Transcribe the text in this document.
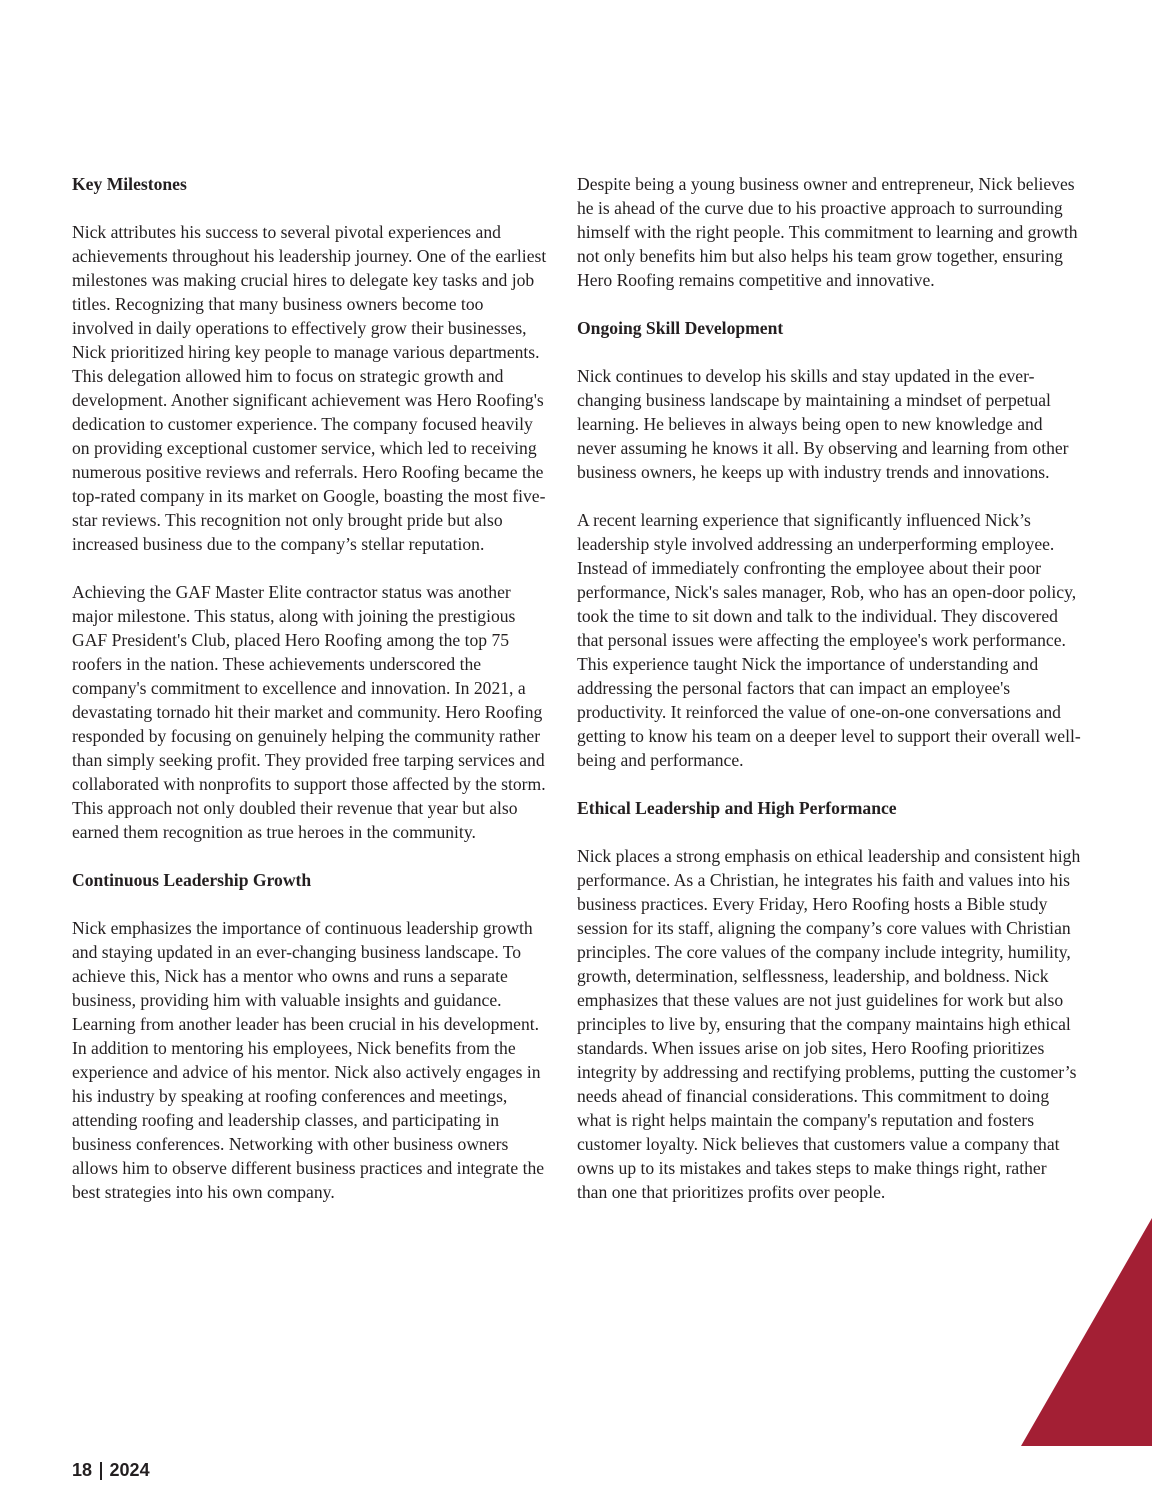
Key Milestones

Nick attributes his success to several pivotal experiences and achievements throughout his leadership journey. One of the earliest milestones was making crucial hires to delegate key tasks and job titles. Recognizing that many business owners become too involved in daily operations to effectively grow their businesses, Nick prioritized hiring key people to manage various departments. This delegation allowed him to focus on strategic growth and development. Another significant achievement was Hero Roofing's dedication to customer experience. The company focused heavily on providing exceptional customer service, which led to receiving numerous positive reviews and referrals. Hero Roofing became the top-rated company in its market on Google, boasting the most five-star reviews. This recognition not only brought pride but also increased business due to the company’s stellar reputation.

Achieving the GAF Master Elite contractor status was another major milestone. This status, along with joining the prestigious GAF President's Club, placed Hero Roofing among the top 75 roofers in the nation. These achievements underscored the company's commitment to excellence and innovation. In 2021, a devastating tornado hit their market and community. Hero Roofing responded by focusing on genuinely helping the community rather than simply seeking profit. They provided free tarping services and collaborated with nonprofits to support those affected by the storm. This approach not only doubled their revenue that year but also earned them recognition as true heroes in the community.

Continuous Leadership Growth

Nick emphasizes the importance of continuous leadership growth and staying updated in an ever-changing business landscape. To achieve this, Nick has a mentor who owns and runs a separate business, providing him with valuable insights and guidance. Learning from another leader has been crucial in his development. In addition to mentoring his employees, Nick benefits from the experience and advice of his mentor. Nick also actively engages in his industry by speaking at roofing conferences and meetings, attending roofing and leadership classes, and participating in business conferences. Networking with other business owners allows him to observe different business practices and integrate the best strategies into his own company.

Despite being a young business owner and entrepreneur, Nick believes he is ahead of the curve due to his proactive approach to surrounding himself with the right people. This commitment to learning and growth not only benefits him but also helps his team grow together, ensuring Hero Roofing remains competitive and innovative.

Ongoing Skill Development

Nick continues to develop his skills and stay updated in the ever-changing business landscape by maintaining a mindset of perpetual learning. He believes in always being open to new knowledge and never assuming he knows it all. By observing and learning from other business owners, he keeps up with industry trends and innovations.

A recent learning experience that significantly influenced Nick’s leadership style involved addressing an underperforming employee. Instead of immediately confronting the employee about their poor performance, Nick's sales manager, Rob, who has an open-door policy, took the time to sit down and talk to the individual. They discovered that personal issues were affecting the employee's work performance. This experience taught Nick the importance of understanding and addressing the personal factors that can impact an employee's productivity. It reinforced the value of one-on-one conversations and getting to know his team on a deeper level to support their overall well-being and performance.

Ethical Leadership and High Performance

Nick places a strong emphasis on ethical leadership and consistent high performance. As a Christian, he integrates his faith and values into his business practices. Every Friday, Hero Roofing hosts a Bible study session for its staff, aligning the company’s core values with Christian principles. The core values of the company include integrity, humility, growth, determination, selflessness, leadership, and boldness. Nick emphasizes that these values are not just guidelines for work but also principles to live by, ensuring that the company maintains high ethical standards. When issues arise on job sites, Hero Roofing prioritizes integrity by addressing and rectifying problems, putting the customer’s needs ahead of financial considerations. This commitment to doing what is right helps maintain the company's reputation and fosters customer loyalty. Nick believes that customers value a company that owns up to its mistakes and takes steps to make things right, rather than one that prioritizes profits over people.

18 2024
